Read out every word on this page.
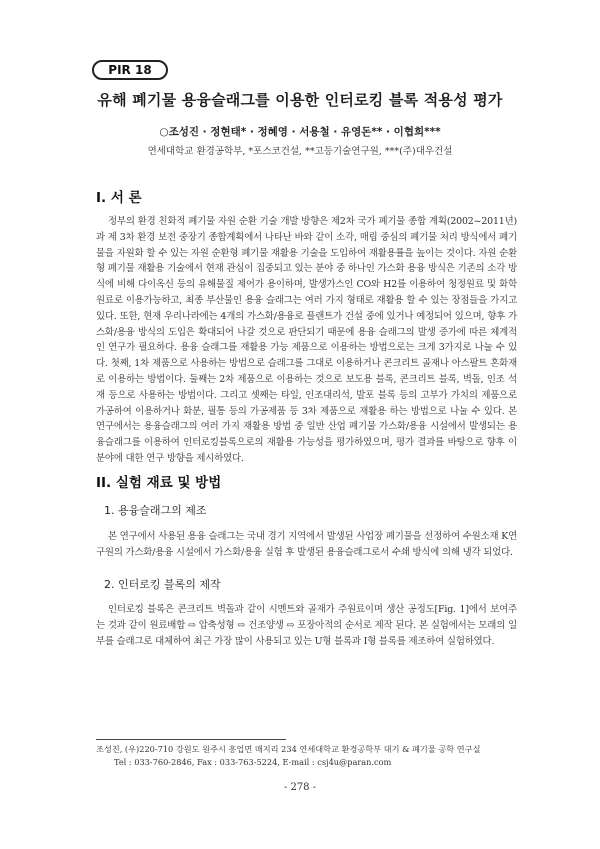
PIR 18
유해 폐기물 용융슬래그를 이용한 인터로킹 블록 적용성 평가
○조성진 · 정현태* · 정혜영 · 서용철 · 유영돈** · 이협희***
연세대학교 환경공학부, *포스코건설, **고등기술연구원, ***(주)대우건설
I. 서 론

정부의 환경 친화적 폐기물 자원 순환 기술 개발 방향은 제2차 국가 폐기물 종합 계획(2002~2011년)과 제 3차 환경 보전 중장기 종합계획에서 나타난 바와 같이 소각, 매립 중심의 폐기물 처리 방식에서 폐기물을 자원화 할 수 있는 자원 순환형 폐기물 재활용 기술을 도입하여 재활용률을 높이는 것이다. 자원 순환형 폐기물 재활용 기술에서 현재 관심이 집중되고 있는 분야 중 하나인 가스화 용융 방식은 기존의 소각 방식에 비해 다이옥신 등의 유해물질 제어가 용이하며, 발생가스인 CO와 H2를 이용하여 청정원료 및 화학원료로 이용가능하고, 최종 부산물인 용융 슬래그는 여러 가지 형태로 재활용 할 수 있는 장점들을 가지고 있다. 또한, 현재 우리나라에는 4개의 가스화/용융로 플랜트가 건설 중에 있거나 예정되어 있으며, 향후 가스화/용융 방식의 도입은 확대되어 나갈 것으로 판단되기 때문에 용융 슬래그의 발생 증가에 따른 체계적인 연구가 필요하다. 용융 슬래그를 재활용 가능 제품으로 이용하는 방법으로는 크게 3가지로 나눌 수 있다. 첫째, 1차 제품으로 사용하는 방법으로 슬래그를 그대로 이용하거나 콘크리트 골재나 아스팔트 혼화재로 이용하는 방법이다. 둘째는 2차 제품으로 이용하는 것으로 보도용 블록, 콘크리트 블록, 벽돌, 인조 석재 등으로 사용하는 방법이다. 그리고 셋째는 타일, 인조대리석, 발포 블록 등의 고부가 가치의 제품으로 가공하여 이용하거나 화분, 필통 등의 가공제품 등 3차 제품으로 재활용 하는 방법으로 나눌 수 있다. 본 연구에서는 용융슬래그의 여러 가지 재활용 방법 중 일반 산업 폐기물 가스화/용융 시설에서 발생되는 용융슬래그를 이용하여 인터로킹블록으로의 재활용 가능성을 평가하였으며, 평가 결과를 바탕으로 향후 이 분야에 대한 연구 방향을 제시하였다.

II. 실험 재료 및 방법
1. 용융슬래그의 제조

본 연구에서 사용된 용융 슬래그는 국내 경기 지역에서 발생된 사업장 폐기물을 선정하여 수원소재 K연구원의 가스화/용융 시설에서 가스화/용융 실험 후 발생된 용융슬래그로서 수쇄 방식에 의해 냉각 되었다.

2. 인터로킹 블록의 제작

인터로킹 블록은 콘크리트 벽돌과 같이 시멘트와 골재가 주원료이며 생산 공정도[Fig. 1]에서 보여주는 것과 같이 원료배합 ⇨ 압축성형 ⇨ 건조양생 ⇨ 포장아적의 순서로 제작 된다. 본 실험에서는 모래의 일부를 슬래그로 대체하여 최근 가장 많이 사용되고 있는 U형 블록과 I형 블록를 제조하여 실험하였다.

조성진, (우)220-710 강원도 원주시 흥업면 매지리 234 연세대학교 환경공학부 대기 & 폐기물 공학 연구실
Tel : 033-760-2846, Fax : 033-763-5224, E-mail : csj4u@paran.com
- 278 -
